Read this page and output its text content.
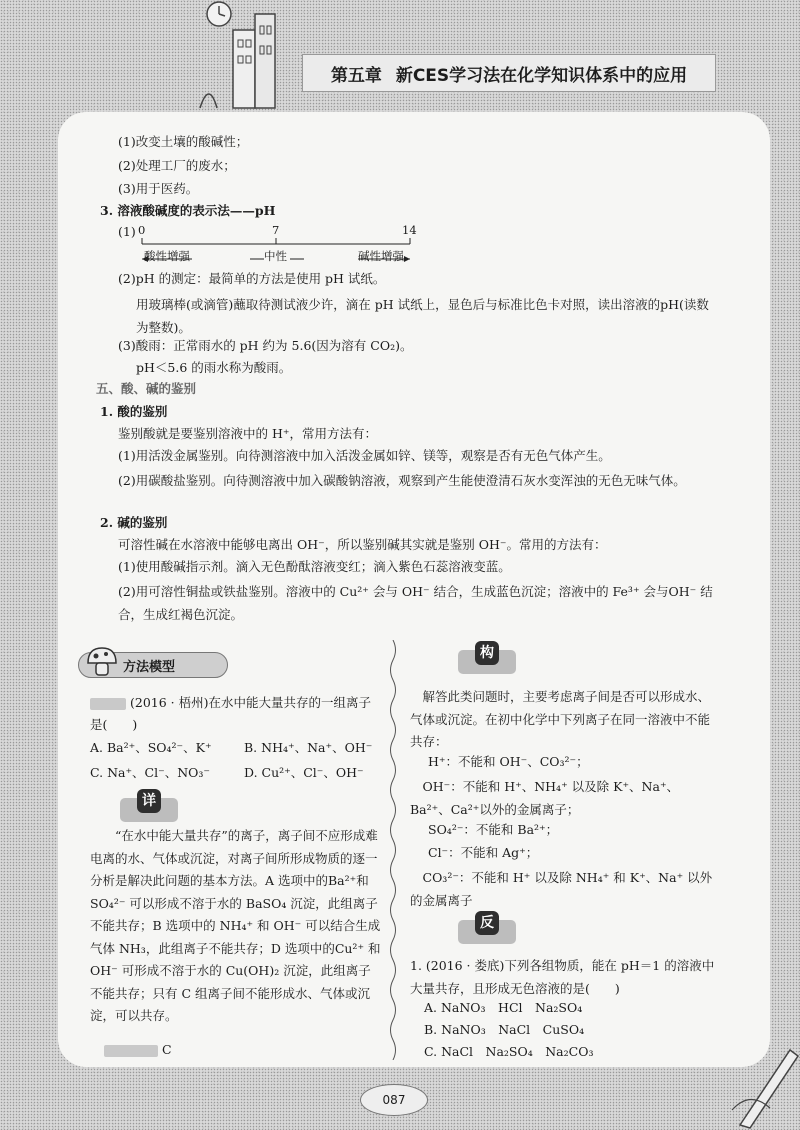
第五章 新CES学习法在化学知识体系中的应用
(1)改变土壤的酸碱性；
(2)处理工厂的废水；
(3)用于医药。
3. 溶液酸碱度的表示法——pH
(1) 0	7	14
酸性增强	中性	碱性增强
(2)pH 的测定：最简单的方法是使用 pH 试纸。
用玻璃棒(或滴管)蘸取待测试液少许，滴在 pH 试纸上，显色后与标准比色卡对照，读出溶液的pH(读数为整数)。
(3)酸雨：正常雨水的 pH 约为 5.6(因为溶有 CO₂)。
pH＜5.6 的雨水称为酸雨。
五、酸、碱的鉴别
1. 酸的鉴别
鉴别酸就是要鉴别溶液中的 H⁺，常用方法有：
(1)用活泼金属鉴别。向待测溶液中加入活泼金属如锌、镁等，观察是否有无色气体产生。
(2)用碳酸盐鉴别。向待测溶液中加入碳酸钠溶液，观察到产生能使澄清石灰水变浑浊的无色无味气体。
2. 碱的鉴别
可溶性碱在水溶液中能够电离出 OH⁻，所以鉴别碱其实就是鉴别 OH⁻。常用的方法有：
(1)使用酸碱指示剂。滴入无色酚酞溶液变红；滴入紫色石蕊溶液变蓝。
(2)用可溶性铜盐或铁盐鉴别。溶液中的 Cu²⁺ 会与 OH⁻ 结合，生成蓝色沉淀；溶液中的 Fe³⁺ 会与OH⁻ 结合，生成红褐色沉淀。
方法模型
(2016 · 梧州)在水中能大量共存的一组离子是(　　)
A. Ba²⁺、SO₄²⁻、K⁺	B. NH₄⁺、Na⁺、OH⁻
C. Na⁺、Cl⁻、NO₃⁻	D. Cu²⁺、Cl⁻、OH⁻
详
“在水中能大量共存”的离子，离子间不应形成难电离的水、气体或沉淀，对离子间所形成物质的逐一分析是解决此问题的基本方法。A 选项中的Ba²⁺和 SO₄²⁻ 可以形成不溶于水的 BaSO₄ 沉淀，此组离子不能共存；B 选项中的 NH₄⁺ 和 OH⁻ 可以结合生成气体 NH₃，此组离子不能共存；D 选项中的Cu²⁺ 和 OH⁻ 可形成不溶于水的 Cu(OH)₂ 沉淀，此组离子不能共存；只有 C 组离子间不能形成水、气体或沉淀，可以共存。
C
构
解答此类问题时，主要考虑离子间是否可以形成水、气体或沉淀。在初中化学中下列离子在同一溶液中不能共存：
H⁺：不能和 OH⁻、CO₃²⁻；
OH⁻：不能和 H⁺、NH₄⁺ 以及除 K⁺、Na⁺、Ba²⁺、Ca²⁺以外的金属离子；
SO₄²⁻：不能和 Ba²⁺；
Cl⁻：不能和 Ag⁺；
CO₃²⁻：不能和 H⁺ 以及除 NH₄⁺ 和 K⁺、Na⁺ 以外的金属离子
反
1. (2016 · 娄底)下列各组物质，能在 pH＝1 的溶液中大量共存，且形成无色溶液的是(　　)
A. NaNO₃　HCl　Na₂SO₄
B. NaNO₃　NaCl　CuSO₄
C. NaCl　Na₂SO₄　Na₂CO₃
087
